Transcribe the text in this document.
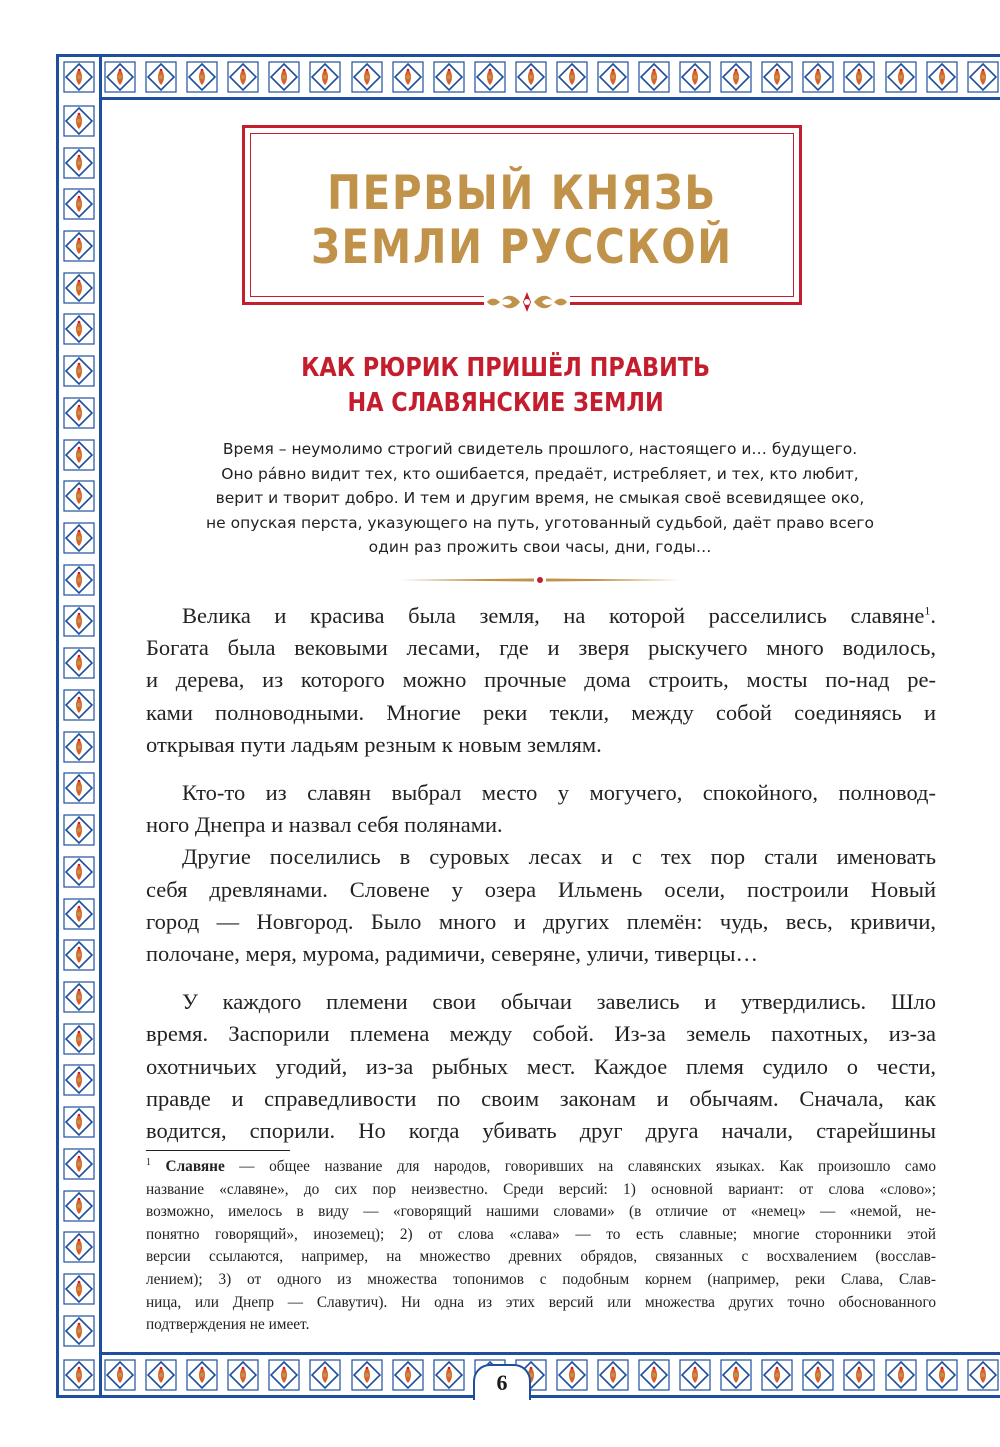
6
ПЕРВЫЙ КНЯЗЬ
ЗЕМЛИ РУССКОЙ
КАК РЮРИК ПРИШЁЛ ПРАВИТЬ
НА СЛАВЯНСКИЕ ЗЕМЛИ
Время – неумолимо строгий свидетель прошлого, настоящего и… будущего.
Оно ра́вно видит тех, кто ошибается, предаёт, истребляет, и тех, кто любит,
верит и творит добро. И тем и другим время, не смыкая своё всевидящее око,
не опуская перста, указующего на путь, уготованный судьбой, даёт право всего
один раз прожить свои часы, дни, годы…
Велика и красива была земля, на которой расселились славяне$^1$.
Богата была вековыми лесами, где и зверя рыскучего много водилось,
и дерева, из которого можно прочные дома строить, мосты по-над ре-
ками полноводными. Многие реки текли, между собой соединяясь и
открывая пути ладьям резным к новым землям.
Кто-то из славян выбрал место у могучего, спокойного, полновод-
ного Днепра и назвал себя полянами.
Другие поселились в суровых лесах и с тех пор стали именовать
себя древлянами. Словене у озера Ильмень осели, построили Новый
город — Новгород. Было много и других племён: чудь, весь, кривичи,
полочане, меря, мурома, радимичи, северяне, уличи, тиверцы…
У каждого племени свои обычаи завелись и утвердились. Шло
время. Заспорили племена между собой. Из-за земель пахотных, из-за
охотничьих угодий, из-за рыбных мест. Каждое племя судило о чести,
правде и справедливости по своим законам и обычаям. Сначала, как
водится, спорили. Но когда убивать друг друга начали, старейшины
$^1$ Славяне — общее название для народов, говоривших на славянских языках. Как произошло само
название «славяне», до сих пор неизвестно. Среди версий: 1) основной вариант: от слова «слово»;
возможно, имелось в виду — «говорящий нашими словами» (в отличие от «немец» — «немой, не-
понятно говорящий», иноземец); 2) от слова «слава» — то есть славные; многие сторонники этой
версии ссылаются, например, на множество древних обрядов, связанных с восхвалением (восслав-
лением); 3) от одного из множества топонимов с подобным корнем (например, реки Слава, Слав-
ница, или Днепр — Славутич). Ни одна из этих версий или множества других точно обоснованного
подтверждения не имеет.
